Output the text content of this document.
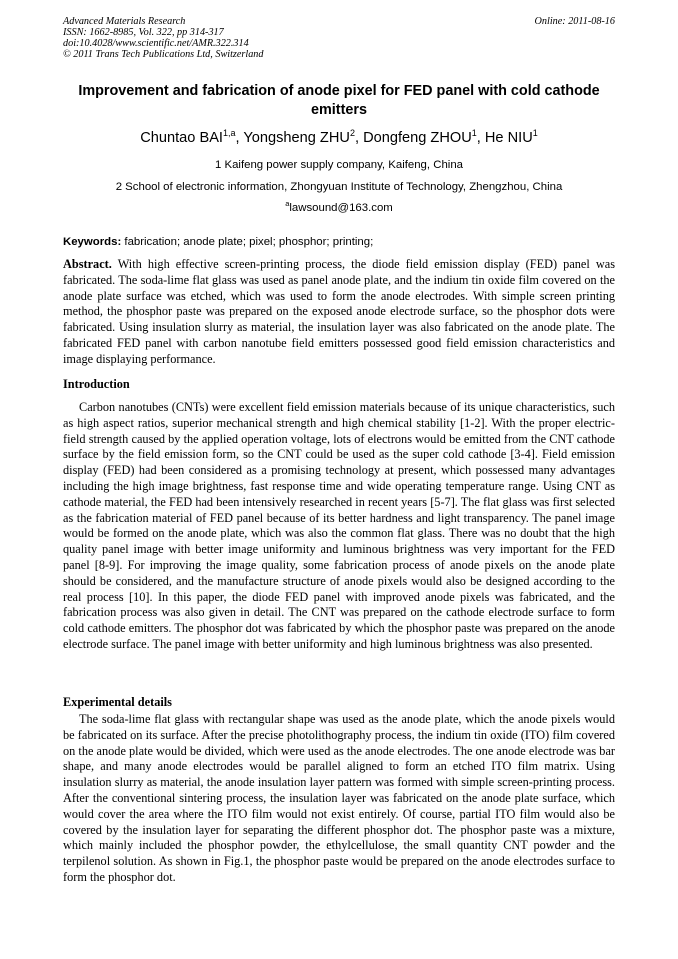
Advanced Materials Research
ISSN: 1662-8985, Vol. 322, pp 314-317
doi:10.4028/www.scientific.net/AMR.322.314
© 2011 Trans Tech Publications Ltd, Switzerland
Online: 2011-08-16
Improvement and fabrication of anode pixel for FED panel with cold cathode emitters
Chuntao BAI$^{1,a}$, Yongsheng ZHU$^2$, Dongfeng ZHOU$^1$, He NIU$^1$
1 Kaifeng power supply company, Kaifeng, China
2 School of electronic information, Zhongyuan Institute of Technology, Zhengzhou, China
$^a$lawsound@163.com
Keywords: fabrication; anode plate; pixel; phosphor; printing;

Abstract. With high effective screen-printing process, the diode field emission display (FED) panel was fabricated. The soda-lime flat glass was used as panel anode plate, and the indium tin oxide film covered on the anode plate surface was etched, which was used to form the anode electrodes. With simple screen printing method, the phosphor paste was prepared on the exposed anode electrode surface, so the phosphor dots were fabricated. Using insulation slurry as material, the insulation layer was also fabricated on the anode plate. The fabricated FED panel with carbon nanotube field emitters possessed good field emission characteristics and image displaying performance.

Introduction

Carbon nanotubes (CNTs) were excellent field emission materials because of its unique characteristics, such as high aspect ratios, superior mechanical strength and high chemical stability [1-2]. With the proper electric-field strength caused by the applied operation voltage, lots of electrons would be emitted from the CNT cathode surface by the field emission form, so the CNT could be used as the super cold cathode [3-4]. Field emission display (FED) had been considered as a promising technology at present, which possessed many advantages including the high image brightness, fast response time and wide operating temperature range. Using CNT as cathode material, the FED had been intensively researched in recent years [5-7]. The flat glass was first selected as the fabrication material of FED panel because of its better hardness and light transparency. The panel image would be formed on the anode plate, which was also the common flat glass. There was no doubt that the high quality panel image with better image uniformity and luminous brightness was very important for the FED panel [8-9]. For improving the image quality, some fabrication process of anode pixels on the anode plate should be considered, and the manufacture structure of anode pixels would also be designed according to the real process [10]. In this paper, the diode FED panel with improved anode pixels was fabricated, and the fabrication process was also given in detail. The CNT was prepared on the cathode electrode surface to form cold cathode emitters. The phosphor dot was fabricated by which the phosphor paste was prepared on the anode electrode surface. The panel image with better uniformity and high luminous brightness was also presented.

Experimental details

The soda-lime flat glass with rectangular shape was used as the anode plate, which the anode pixels would be fabricated on its surface. After the precise photolithography process, the indium tin oxide (ITO) film covered on the anode plate would be divided, which were used as the anode electrodes. The one anode electrode was bar shape, and many anode electrodes would be parallel aligned to form an etched ITO film matrix. Using insulation slurry as material, the anode insulation layer pattern was formed with simple screen-printing process. After the conventional sintering process, the insulation layer was fabricated on the anode plate surface, which would cover the area where the ITO film would not exist entirely. Of course, partial ITO film would also be covered by the insulation layer for separating the different phosphor dot. The phosphor paste was a mixture, which mainly included the phosphor powder, the ethylcellulose, the small quantity CNT powder and the terpilenol solution. As shown in Fig.1, the phosphor paste would be prepared on the anode electrodes surface to form the phosphor dot.
